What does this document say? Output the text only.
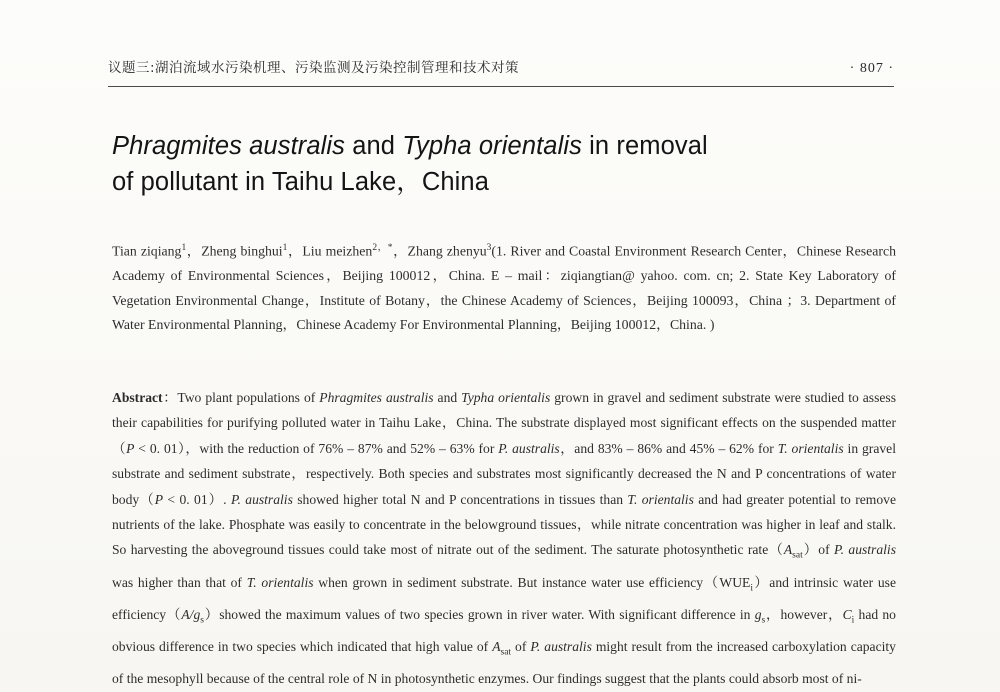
议题三:湖泊流域水污染机理、污染监测及污染控制管理和技术对策	· 807 ·
Phragmites australis and Typha orientalis in removal
of pollutant in Taihu Lake，China
Tian ziqiang$^1$，Zheng binghui$^1$，Liu meizhen$^{2,*}$，Zhang zhenyu$^3$(1. River and Coastal Environment Research Center，Chinese Research Academy of Environmental Sciences，Beijing 100012，China. E – mail：ziqiangtian@ yahoo. com. cn; 2. State Key Laboratory of Vegetation Environmental Change，Institute of Botany，the Chinese Academy of Sciences，Beijing 100093，China ；3. Department of Water Environmental Planning，Chinese Academy For Environmental Planning，Beijing 100012，China. )
Abstract：Two plant populations of Phragmites australis and Typha orientalis grown in gravel and sediment substrate were studied to assess their capabilities for purifying polluted water in Taihu Lake，China. The substrate displayed most significant effects on the suspended matter（P < 0. 01），with the reduction of 76% – 87% and 52% – 63% for P. australis，and 83% – 86% and 45% – 62% for T. orientalis in gravel substrate and sediment substrate，respectively. Both species and substrates most significantly decreased the N and P concentrations of water body（P < 0. 01）. P. australis showed higher total N and P concentrations in tissues than T. orientalis and had greater potential to remove nutrients of the lake. Phosphate was easily to concentrate in the belowground tissues，while nitrate concentration was higher in leaf and stalk. So harvesting the aboveground tissues could take most of nitrate out of the sediment. The saturate photosynthetic $rate(A_{sat})of$ P. australis was higher than that of T. orientalis when grown in sediment substrate. But instance water use $efficiency(WUE_i)and$ intrinsic water use $efficiency(A/g_s)showed$ the maximum values of two species grown in river water. With significant difference in $g_s$，however，$C_i$ had no obvious difference in two species which indicated that high value of $A_{sat}$ of P. australis might result from the increased carboxylation capacity of the mesophyll because of the central role of N in photosynthetic enzymes. Our findings suggest that the plants could absorb most of ni-
